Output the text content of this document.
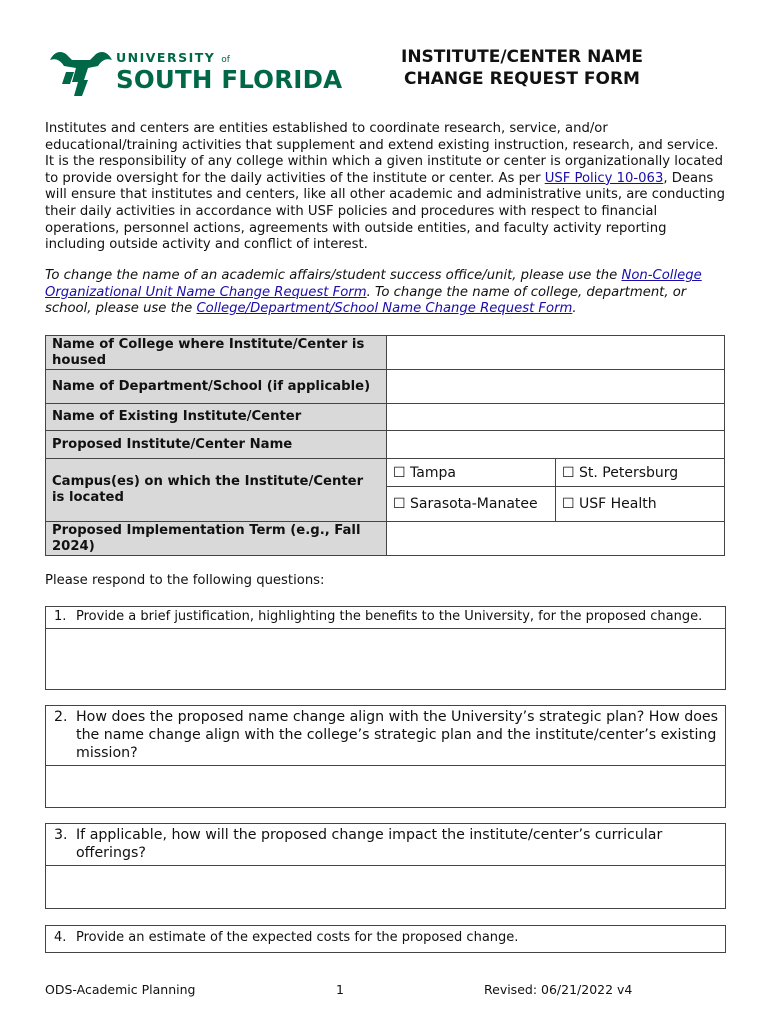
UNIVERSITY of
SOUTH FLORIDA
INSTITUTE/CENTER NAME
CHANGE REQUEST FORM
Institutes and centers are entities established to coordinate research, service, and/or educational/training activities that supplement and extend existing instruction, research, and service. It is the responsibility of any college within which a given institute or center is organizationally located to provide oversight for the daily activities of the institute or center. As per USF Policy 10-063, Deans will ensure that institutes and centers, like all other academic and administrative units, are conducting their daily activities in accordance with USF policies and procedures with respect to financial operations, personnel actions, agreements with outside entities, and faculty activity reporting including outside activity and conflict of interest.
To change the name of an academic affairs/student success office/unit, please use the Non-College Organizational Unit Name Change Request Form. To change the name of college, department, or school, please use the College/Department/School Name Change Request Form.
Name of College where Institute/Center is housed		
Name of Department/School (if applicable)		
Name of Existing Institute/Center		
Proposed Institute/Center Name		
Campus(es) on which the Institute/Center is located	☐ Tampa	☐ St. Petersburg
	☐ Sarasota-Manatee	☐ USF Health
Proposed Implementation Term (e.g., Fall 2024)		
Please respond to the following questions:
1. Provide a brief justification, highlighting the benefits to the University, for the proposed change.
2. How does the proposed name change align with the University’s strategic plan? How does the name change align with the college’s strategic plan and the institute/center’s existing mission?
3. If applicable, how will the proposed change impact the institute/center’s curricular offerings?
4. Provide an estimate of the expected costs for the proposed change.
ODS-Academic Planning	1	Revised: 06/21/2022 v4
